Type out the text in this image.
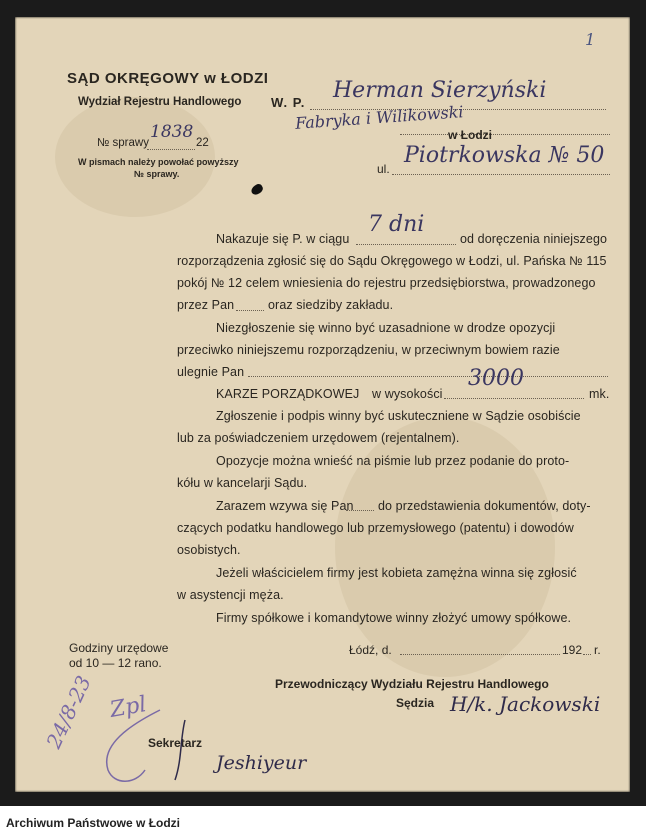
1
SĄD OKRĘGOWY w ŁODZI
Wydział Rejestru Handlowego
№ sprawy
1838
22
W pismach należy powołać powyższy
№ sprawy.
W. P. Herman Sierzyński
Fabryka i Wilikowski
w Łodzi
ul.
Piotrkowska № 50
Nakazuje się P. w ciągu
7 dni
od doręczenia niniejszego
rozporządzenia zgłosić się do Sądu Okręgowego w Łodzi, ul. Pańska № 115
pokój № 12 celem wniesienia do rejestru przedsiębiorstwa, prowadzonego
przez Pan	oraz siedziby zakładu.
Niezgłoszenie się winno być uzasadnione w drodze opozycji
przeciwko niniejszemu rozporządzeniu, w przeciwnym bowiem razie
ulegnie Pan
KARZE PORZĄDKOWEJ w wysokości
3000
mk.
Zgłoszenie i podpis winny być uskuteczniene w Sądzie osobiście
lub za poświadczeniem urzędowem (rejentalnem).
Opozycje można wnieść na piśmie lub przez podanie do proto-
kółu w kancelarji Sądu.
Zarazem wzywa się Pan do przedstawienia dokumentów, doty-
czących podatku handlowego lub przemysłowego (patentu) i dowodów
osobistych.
Jeżeli właścicielem firmy jest kobieta zamężna winna się zgłosić
w asystencji męża.
Firmy spółkowe i komandytowe winny złożyć umowy spółkowe.
Godziny urzędowe
od 10 — 12 rano.
Łódź, d.	192 r.
Przewodniczący Wydziału Rejestru Handlowego
Sędzia H/k. Jackowski
Sekretarz
Jeshiyeur
24/8-23 Zpl
Archiwum Państwowe w Łodzi
